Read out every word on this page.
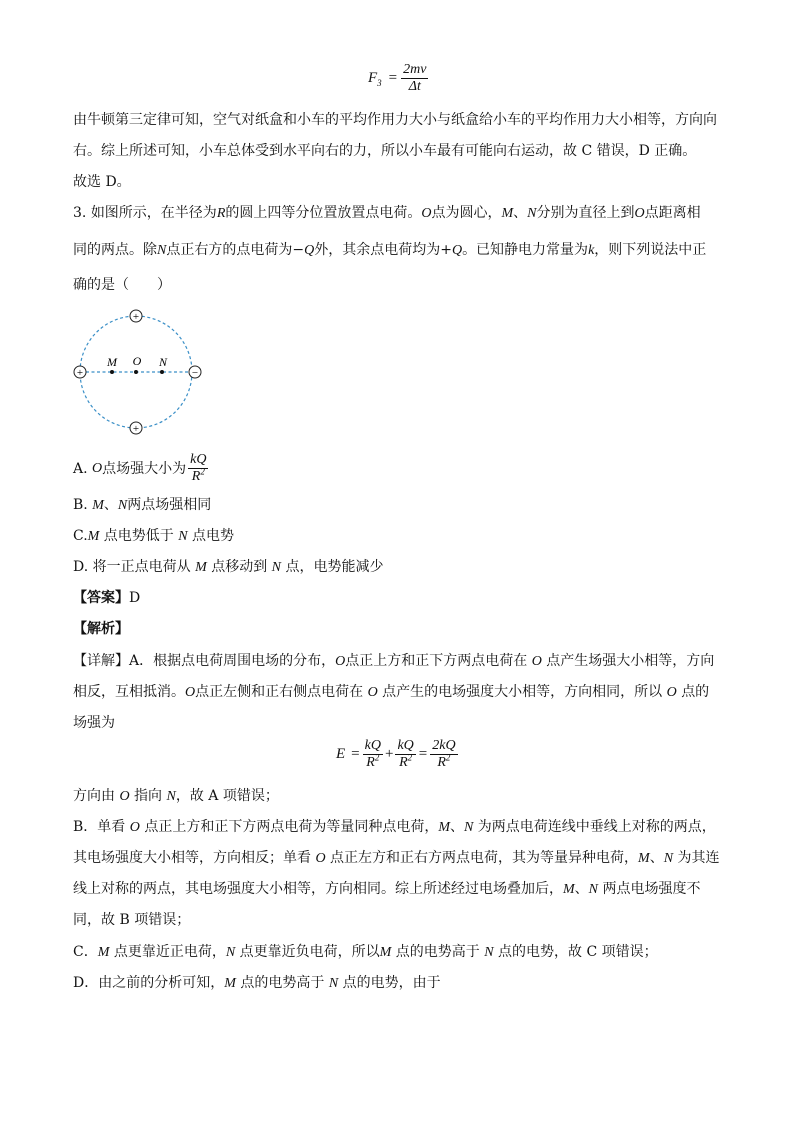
$F_3 = \frac{2mv}{\Delta t}$
由牛顿第三定律可知，空气对纸盒和小车的平均作用力大小与纸盒给小车的平均作用力大小相等，方向向
右。综上所述可知，小车总体受到水平向右的力，所以小车最有可能向右运动，故 C 错误，D 正确。
故选 D。
3. 如图所示，在半径为R的圆上四等分位置放置点电荷。O点为圆心，M、N分别为直径上到O点距离相
同的两点。除N点正右方的点电荷为−Q外，其余点电荷均为+Q。已知静电力常量为k，则下列说法中正
确的是（　　）
+
+
+	−
M O N
A.
O 点场强大小为 $\frac{kQ}{R^2}$
B. M、N两点场强相同
C.M 点电势低于 N 点电势
D. 将一正点电荷从 M 点移动到 N 点，电势能减少
【答案】D
【解析】
【详解】A．根据点电荷周围电场的分布，O点正上方和正下方两点电荷在 O 点产生场强大小相等，方向
相反，互相抵消。O点正左侧和正右侧点电荷在 O 点产生的电场强度大小相等，方向相同，所以 O 点的
场强为
$E = \frac{kQ}{R^2} + \frac{kQ}{R^2} = \frac{2kQ}{R^2}$
方向由 O 指向 N，故 A 项错误；
B．单看 O 点正上方和正下方两点电荷为等量同种点电荷，M、N 为两点电荷连线中垂线上对称的两点，
其电场强度大小相等，方向相反；单看 O 点正左方和正右方两点电荷，其为等量异种电荷，M、N 为其连
线上对称的两点，其电场强度大小相等，方向相同。综上所述经过电场叠加后，M、N 两点电场强度不
同，故 B 项错误；
C．M 点更靠近正电荷，N 点更靠近负电荷，所以M 点的电势高于 N 点的电势，故 C 项错误；
D．由之前的分析可知，M 点的电势高于 N 点的电势，由于
